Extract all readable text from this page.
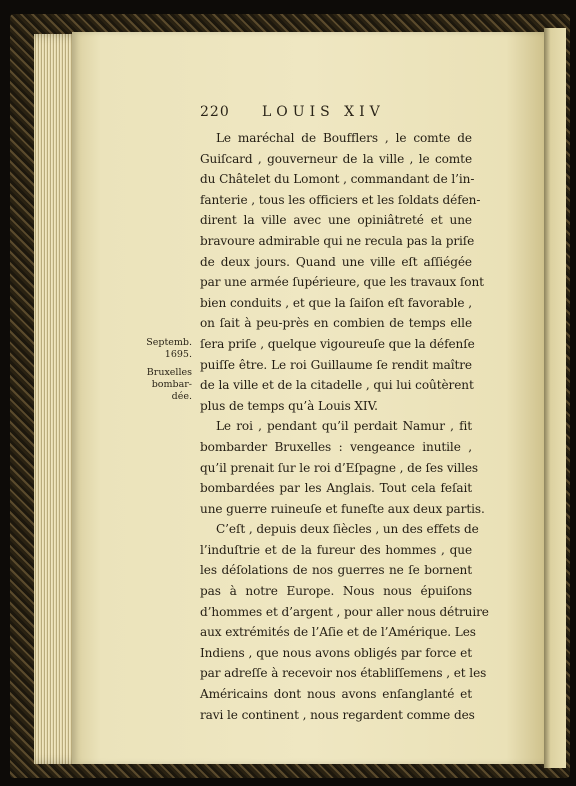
220 LOUIS XIV
Septemb.
1695.
Bruxelles
bombar-
dée.
Le maréchal de Boufflers , le comte de
Guiſcard , gouverneur de la ville , le comte
du Châtelet du Lomont , commandant de l’in-
fanterie , tous les officiers et les ſoldats défen-
dirent la ville avec une opiniâtreté et une
bravoure admirable qui ne recula pas la priſe
de deux jours. Quand une ville eſt aſſiégée
par une armée ſupérieure, que les travaux ſont
bien conduits , et que la ſaiſon eſt favorable ,
on ſait à peu-près en combien de temps elle
ſera priſe , quelque vigoureuſe que la défenſe
puiſſe être. Le roi Guillaume ſe rendit maître
de la ville et de la citadelle , qui lui coûtèrent
plus de temps qu’à Louis XIV.
Le roi , pendant qu’il perdait Namur , fit
bombarder Bruxelles : vengeance inutile ,
qu’il prenait ſur le roi d’Eſpagne , de ſes villes
bombardées par les Anglais. Tout cela feſait
une guerre ruineuſe et funeſte aux deux partis.
C’eſt , depuis deux ſiècles , un des effets de
l’induſtrie et de la fureur des hommes , que
les déſolations de nos guerres ne ſe bornent
pas à notre Europe. Nous nous épuiſons
d’hommes et d’argent , pour aller nous détruire
aux extrémités de l’Aſie et de l’Amérique. Les
Indiens , que nous avons obligés par force et
par adreſſe à recevoir nos établiſſemens , et les
Américains dont nous avons enſanglanté et
ravi le continent , nous regardent comme des
